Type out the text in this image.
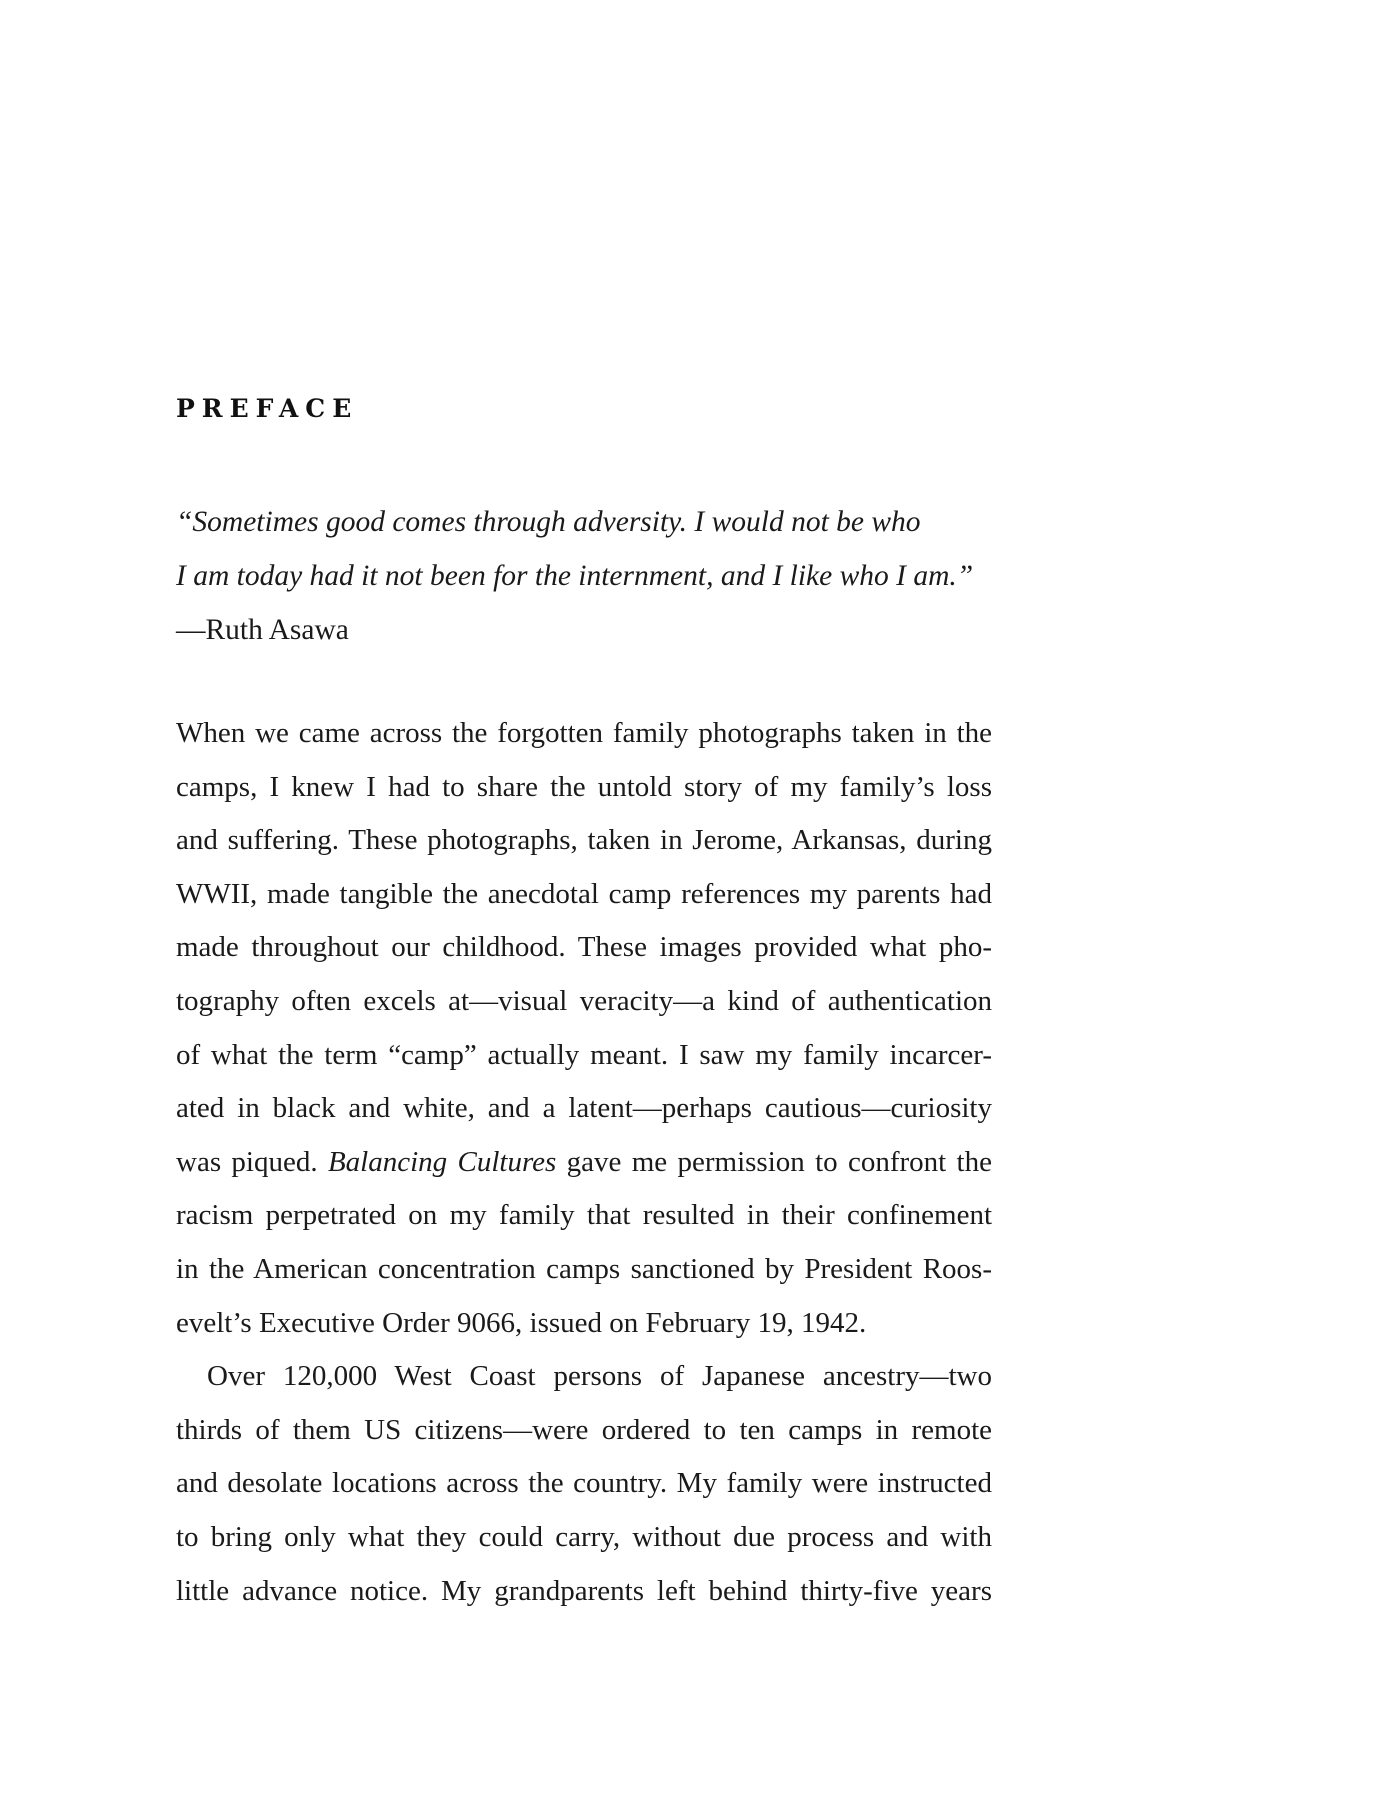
PREFACE
“Sometimes good comes through adversity. I would not be who
I am today had it not been for the internment, and I like who I am.”
—Ruth Asawa
When we came across the forgotten family photographs taken in the
camps, I knew I had to share the untold story of my family’s loss
and suffering. These photographs, taken in Jerome, Arkansas, during
WWII, made tangible the anecdotal camp references my parents had
made throughout our childhood. These images provided what pho-
tography often excels at—visual veracity—a kind of authentication
of what the term “camp” actually meant. I saw my family incarcer-
ated in black and white, and a latent—perhaps cautious—curiosity
was piqued. Balancing Cultures gave me permission to confront the
racism perpetrated on my family that resulted in their confinement
in the American concentration camps sanctioned by President Roos-
evelt’s Executive Order 9066, issued on February 19, 1942.
Over 120,000 West Coast persons of Japanese ancestry—two
thirds of them US citizens—were ordered to ten camps in remote
and desolate locations across the country. My family were instructed
to bring only what they could carry, without due process and with
little advance notice. My grandparents left behind thirty-five years
